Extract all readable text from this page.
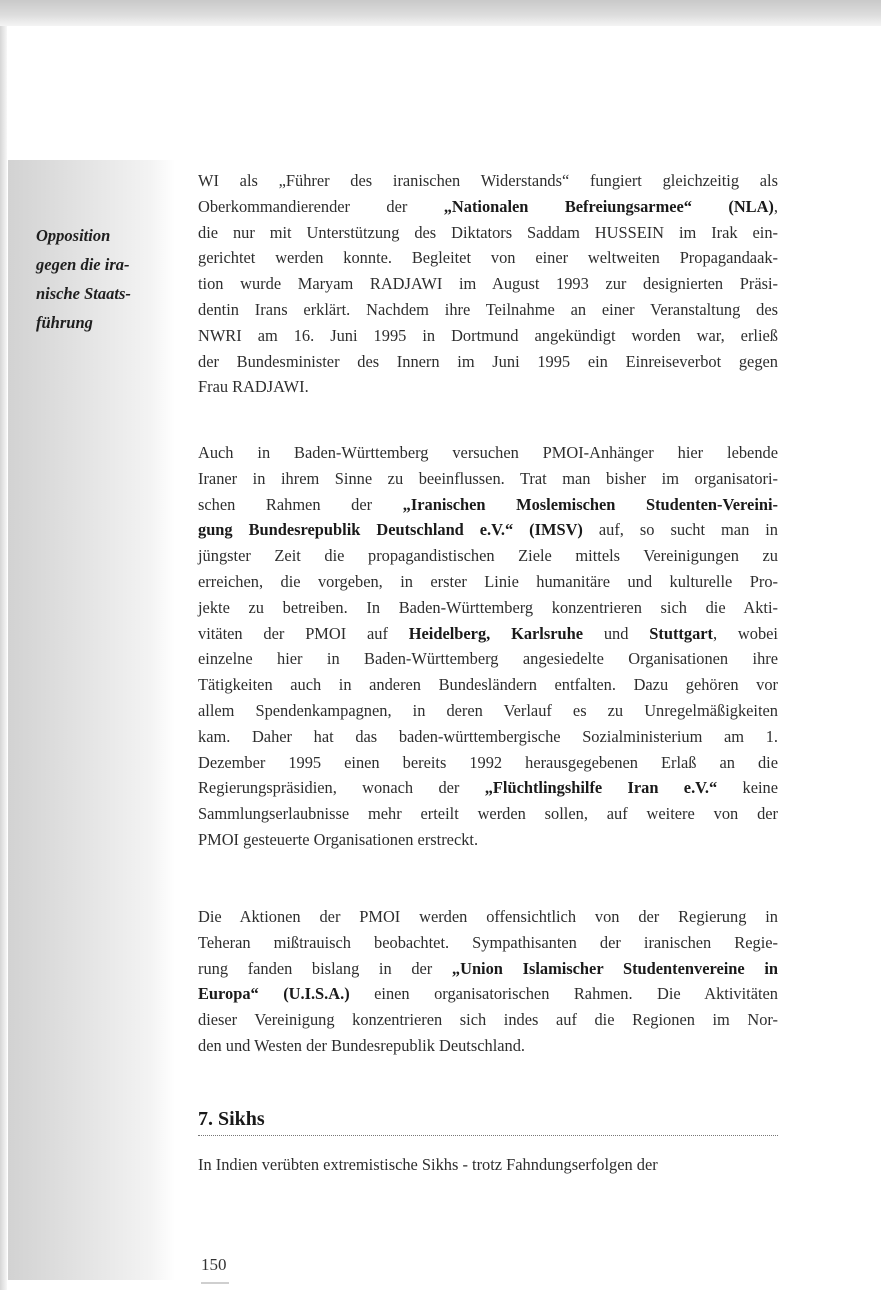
Opposition
gegen die ira-
nische Staats-
führung
WI als „Führer des iranischen Widerstands“ fungiert gleichzeitig als
Oberkommandierender der „Nationalen Befreiungsarmee“ (NLA),
die nur mit Unterstützung des Diktators Saddam HUSSEIN im Irak ein-
gerichtet werden konnte. Begleitet von einer weltweiten Propagandaak-
tion wurde Maryam RADJAWI im August 1993 zur designierten Präsi-
dentin Irans erklärt. Nachdem ihre Teilnahme an einer Veranstaltung des
NWRI am 16. Juni 1995 in Dortmund angekündigt worden war, erließ
der Bundesminister des Innern im Juni 1995 ein Einreiseverbot gegen
Frau RADJAWI.
Auch in Baden-Württemberg versuchen PMOI-Anhänger hier lebende
Iraner in ihrem Sinne zu beeinflussen. Trat man bisher im organisatori-
schen Rahmen der „Iranischen Moslemischen Studenten-Vereini-
gung Bundesrepublik Deutschland e.V.“ (IMSV) auf, so sucht man in
jüngster Zeit die propagandistischen Ziele mittels Vereinigungen zu
erreichen, die vorgeben, in erster Linie humanitäre und kulturelle Pro-
jekte zu betreiben. In Baden-Württemberg konzentrieren sich die Akti-
vitäten der PMOI auf Heidelberg, Karlsruhe und Stuttgart, wobei
einzelne hier in Baden-Württemberg angesiedelte Organisationen ihre
Tätigkeiten auch in anderen Bundesländern entfalten. Dazu gehören vor
allem Spendenkampagnen, in deren Verlauf es zu Unregelmäßigkeiten
kam. Daher hat das baden-württembergische Sozialministerium am 1.
Dezember 1995 einen bereits 1992 herausgegebenen Erlaß an die
Regierungspräsidien, wonach der „Flüchtlingshilfe Iran e.V.“ keine
Sammlungserlaubnisse mehr erteilt werden sollen, auf weitere von der
PMOI gesteuerte Organisationen erstreckt.
Die Aktionen der PMOI werden offensichtlich von der Regierung in
Teheran mißtrauisch beobachtet. Sympathisanten der iranischen Regie-
rung fanden bislang in der „Union Islamischer Studentenvereine in
Europa“ (U.I.S.A.) einen organisatorischen Rahmen. Die Aktivitäten
dieser Vereinigung konzentrieren sich indes auf die Regionen im Nor-
den und Westen der Bundesrepublik Deutschland.
7. Sikhs
In Indien verübten extremistische Sikhs - trotz Fahndungserfolgen der
150
